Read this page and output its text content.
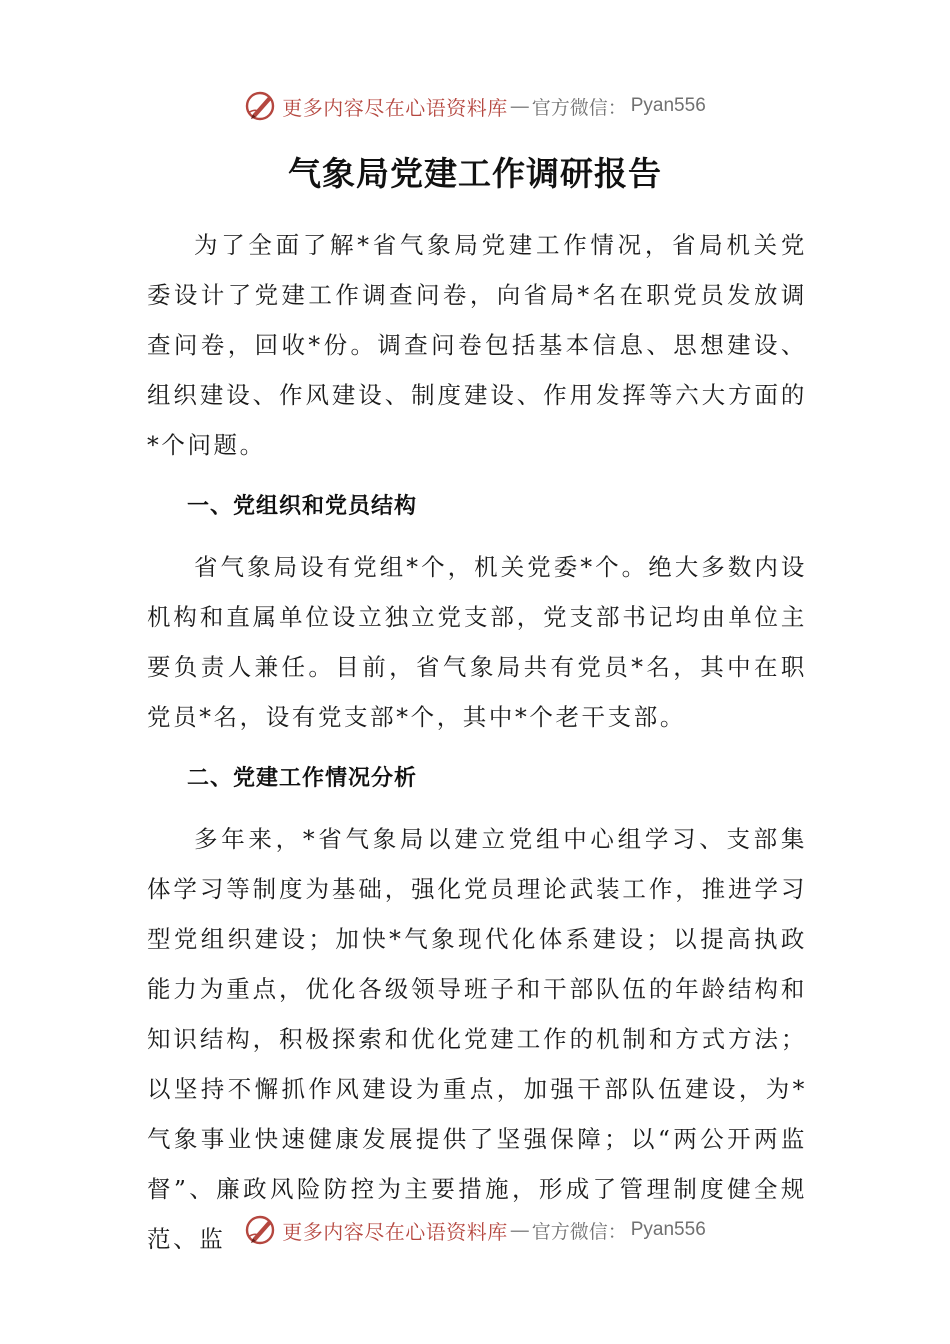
更多内容尽在心语资料库 — 官方微信： Pyan556
气象局党建工作调研报告

为了全面了解*省气象局党建工作情况，省局机关党委设计了党建工作调查问卷，向省局*名在职党员发放调查问卷，回收*份。调查问卷包括基本信息、思想建设、组织建设、作风建设、制度建设、作用发挥等六大方面的*个问题。

一、党组织和党员结构

省气象局设有党组*个，机关党委*个。绝大多数内设机构和直属单位设立独立党支部，党支部书记均由单位主要负责人兼任。目前，省气象局共有党员*名，其中在职党员*名，设有党支部*个，其中*个老干支部。

二、党建工作情况分析

多年来，*省气象局以建立党组中心组学习、支部集体学习等制度为基础，强化党员理论武装工作，推进学习型党组织建设；加快*气象现代化体系建设；以提高执政能力为重点，优化各级领导班子和干部队伍的年龄结构和知识结构，积极探索和优化党建工作的机制和方式方法；以坚持不懈抓作风建设为重点，加强干部队伍建设，为*气象事业快速健康发展提供了坚强保障；以“两公开两监督”、廉政风险防控为主要措施，形成了管理制度健全规范、监	更多内容尽在心语资料库 — 官方微信： Pyan556
